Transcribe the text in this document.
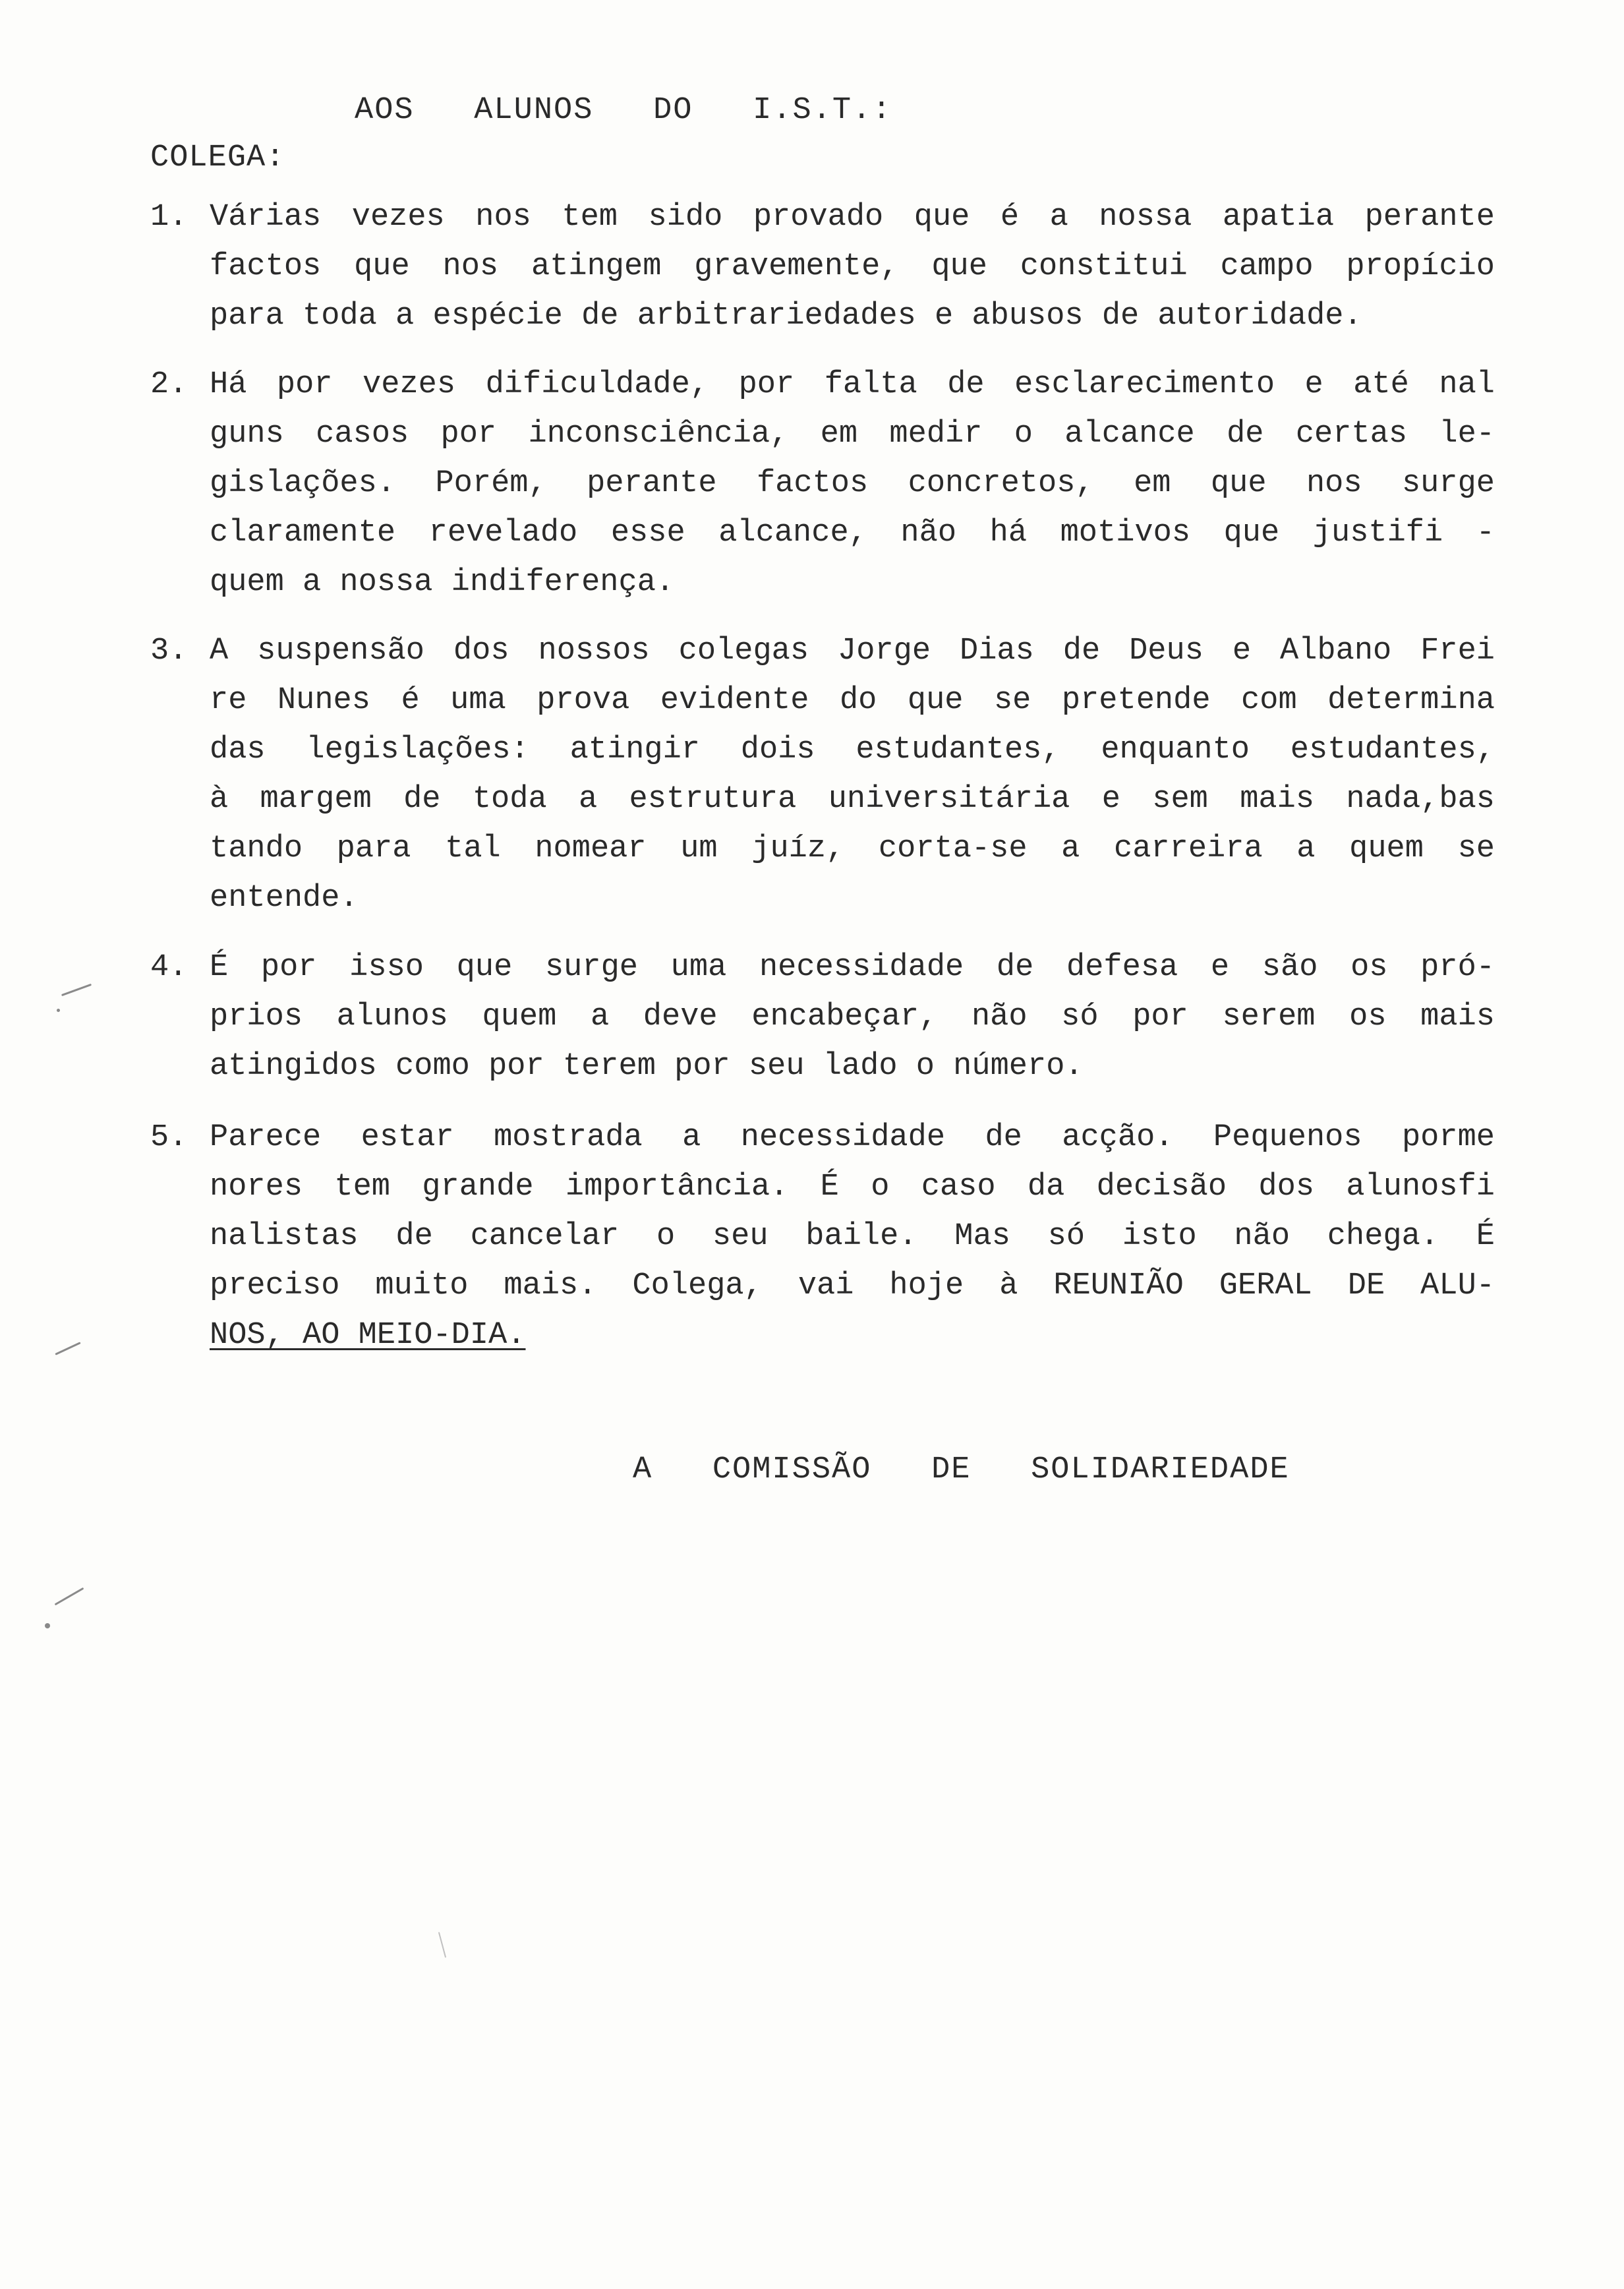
AOS   ALUNOS   DO   I.S.T.:
COLEGA:
1. Várias vezes nos tem sido provado que é a nossa apatia perante
factos que nos atingem gravemente, que constitui campo propício
para toda a espécie de arbitrariedades e abusos de autoridade.
2. Há por vezes dificuldade, por falta de esclarecimento e até nal
guns casos por inconsciência, em medir o alcance de certas le-
gislações. Porém, perante factos concretos, em que nos surge
claramente revelado esse alcance, não há motivos que justifi -
quem a nossa indiferença.
3. A suspensão dos nossos colegas Jorge Dias de Deus e Albano Frei
re Nunes é uma prova evidente do que se pretende com determina
das legislações: atingir dois estudantes, enquanto estudantes,
à margem de toda a estrutura universitária e sem mais nada,bas
tando para tal nomear um juíz, corta-se a carreira a quem se
entende.
4. É por isso que surge uma necessidade de defesa e são os pró-
prios alunos quem a deve encabeçar, não só por serem os mais
atingidos como por terem por seu lado o número.
5. Parece estar mostrada a necessidade de acção. Pequenos porme
nores tem grande importância. É o caso da decisão dos alunosfi
nalistas de cancelar o seu baile. Mas só isto não chega. É
preciso muito mais. Colega, vai hoje à REUNIÃO GERAL DE ALU-
NOS, AO MEIO-DIA.
A   COMISSÃO   DE   SOLIDARIEDADE
